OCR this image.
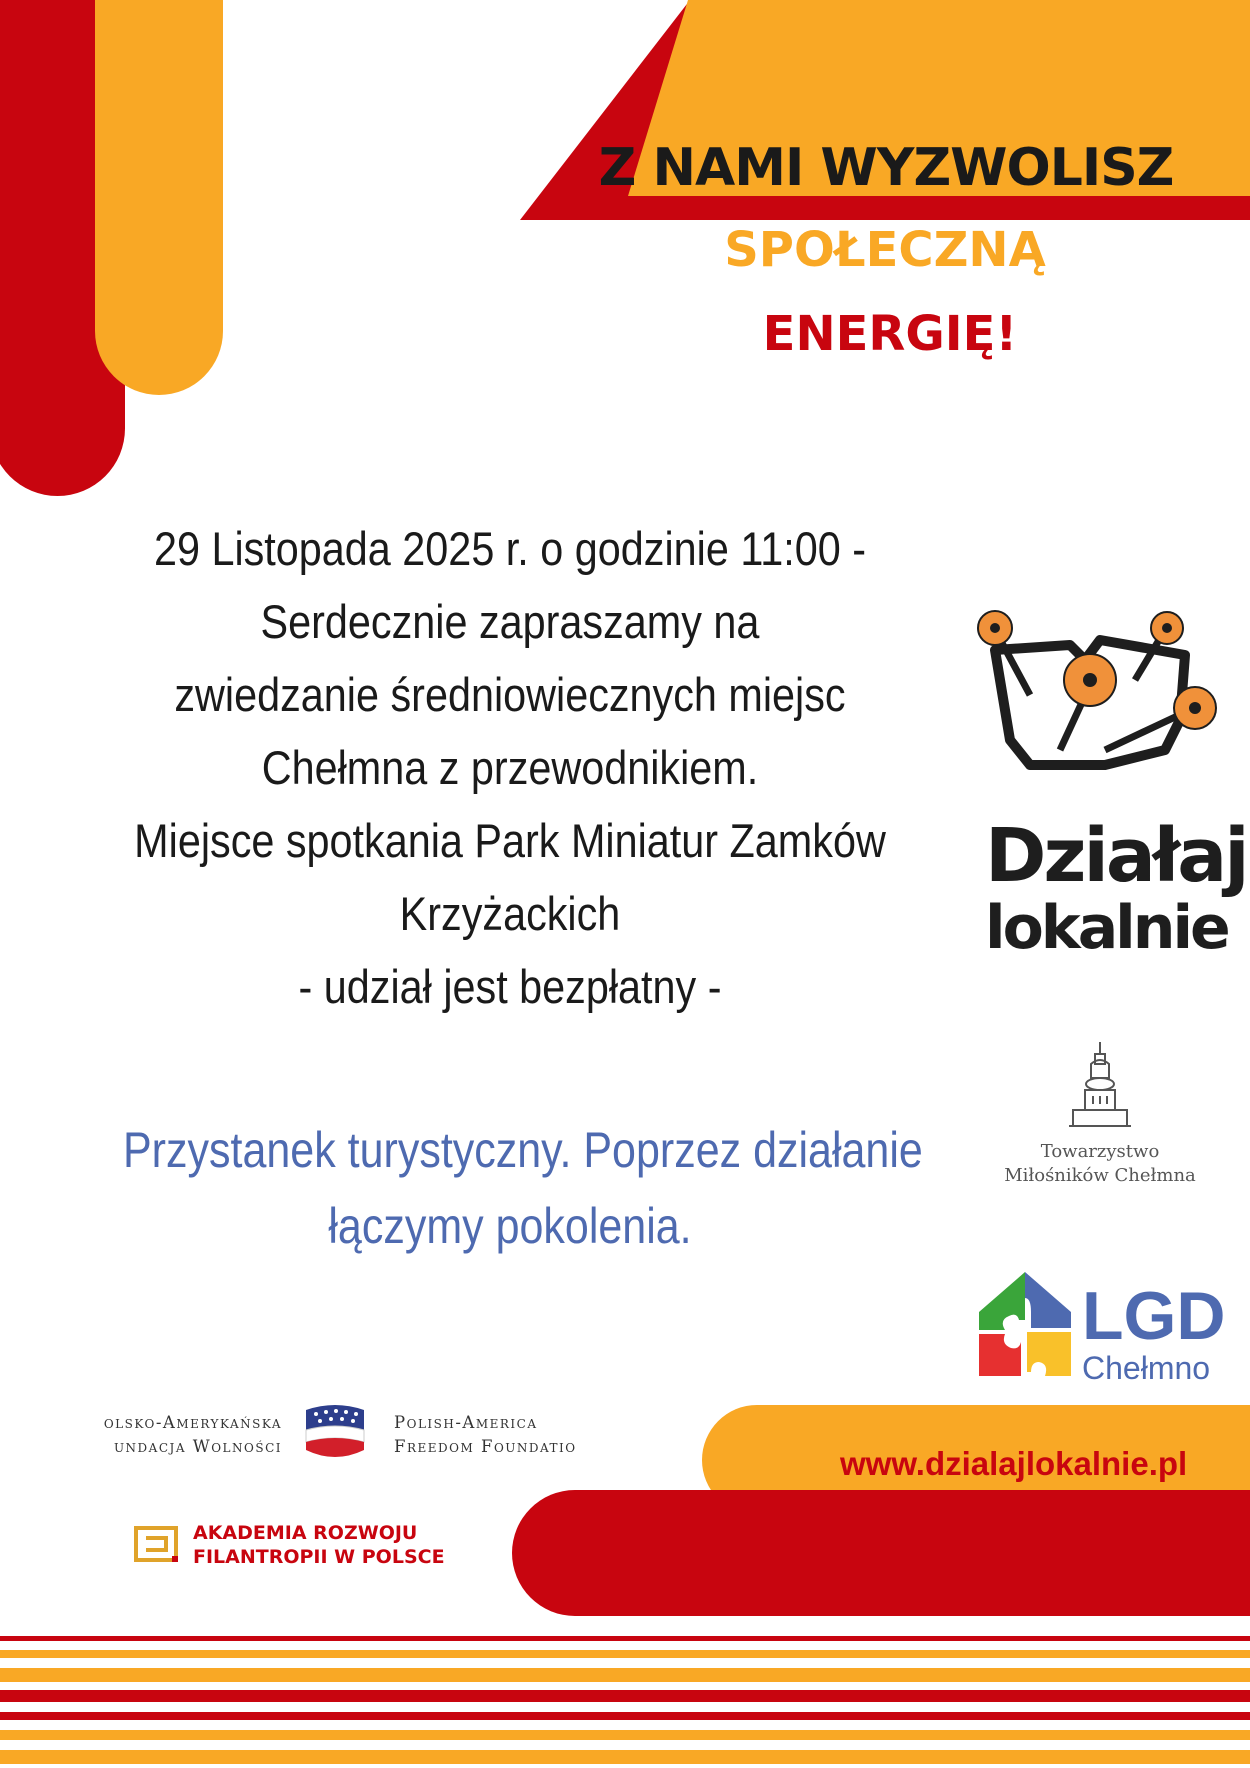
Z NAMI WYZWOLISZ
SPOŁECZNĄ
ENERGIĘ!
29 Listopada 2025 r. o godzinie 11:00 -
Serdecznie zapraszamy na
zwiedzanie średniowiecznych miejsc
Chełmna z przewodnikiem.
Miejsce spotkania Park Miniatur Zamków
Krzyżackich
- udział jest bezpłatny -
Przystanek turystyczny. Poprzez działanie
łączymy pokolenia.
Działaj
lokalnie
Towarzystwo
Miłośników Chełmna
LGD
Chełmno
www.dzialajlokalnie.pl
olsko-Amerykańska
undacja Wolności
Polish-America
Freedom Foundatio
AKADEMIA ROZWOJU
FILANTROPII W POLSCE
